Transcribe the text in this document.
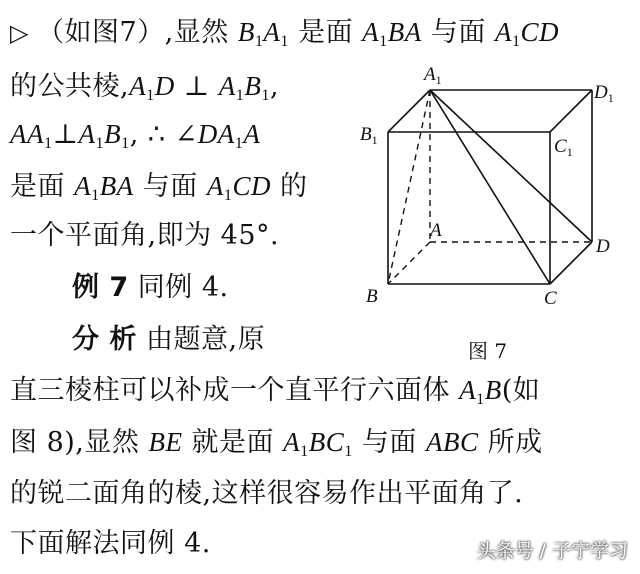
▷ （如图7）,显然 $B_1A_1$ 是面 $A_1BA$ 与面 $A_1CD$
的公共棱$,A_1D$ ⊥ $A_1B_1$,
$AA_1\perp A_1B_1$, ∴ $\angle DA_1A$
是面 $A_1BA$ 与面 $A_1CD$ 的
一个平面角,即为 45°.
例 7 同例 4.
分 析 由题意,原
直三棱柱可以补成一个直平行六面体 $A_1B$(如
图 8),显然 BE 就是面 $A_1BC_1$ 与面 ABC 所成
的锐二面角的棱,这样很容易作出平面角了.
下面解法同例 4.
$A_1$
$D_1$
$B_1$	$C_1$
A
D
B	C
图 7
头条号 / 子宁学习
